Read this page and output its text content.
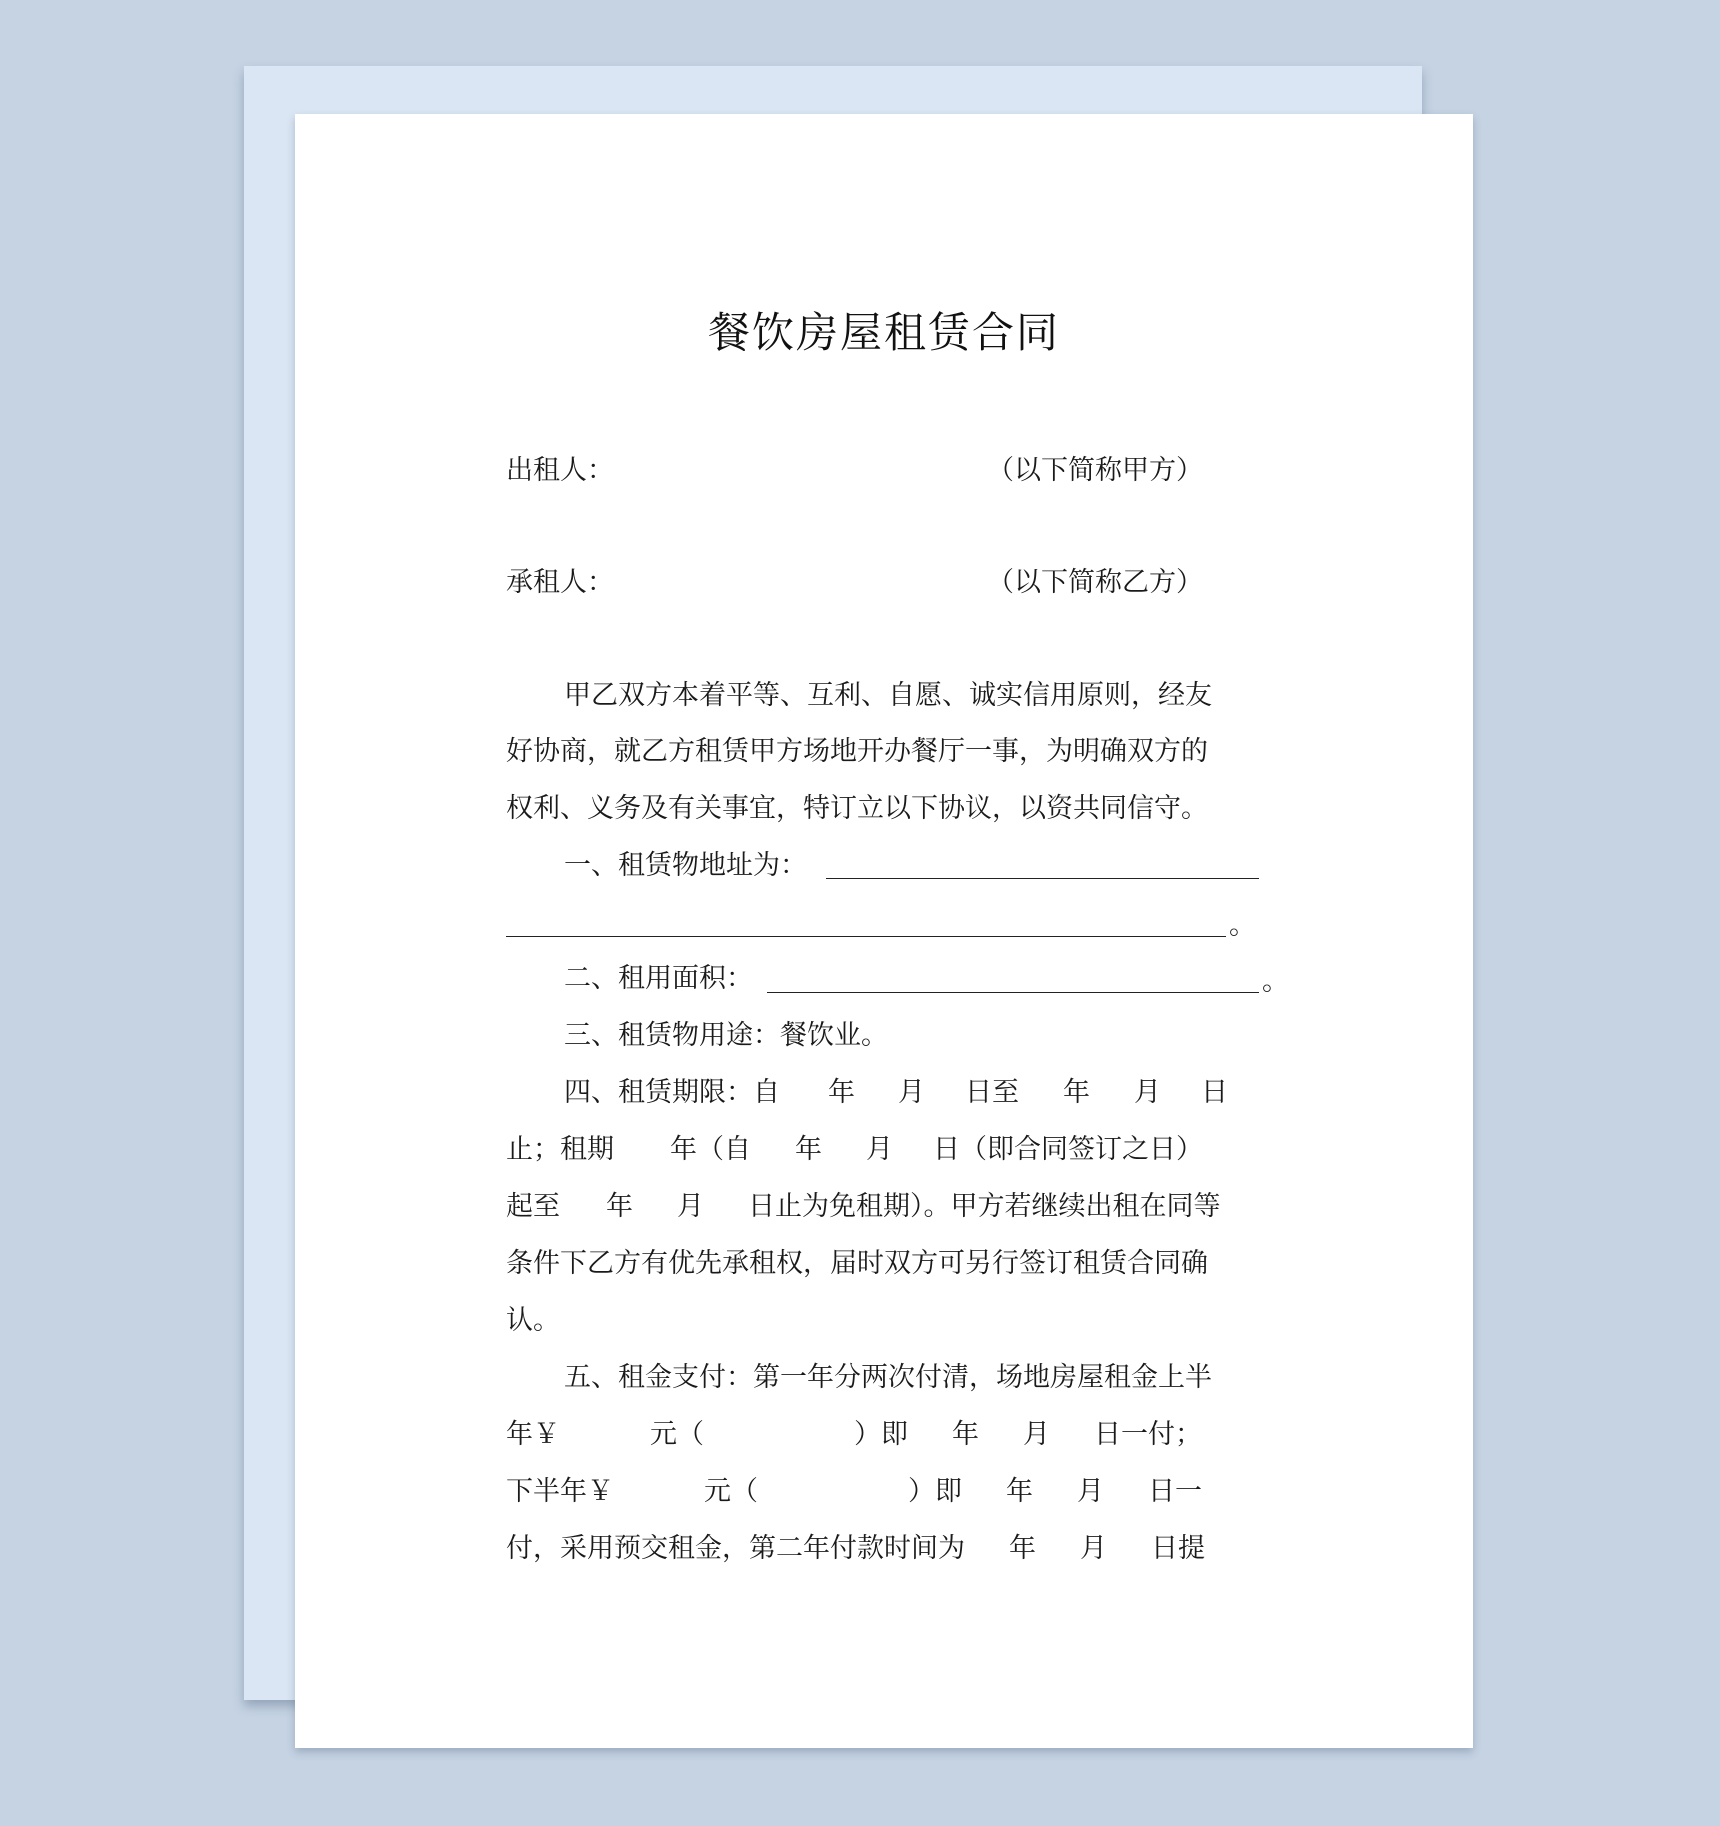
餐饮房屋租赁合同
出租人：	（以下简称甲方）
承租人：	（以下简称乙方）
甲乙双方本着平等、互利、自愿、诚实信用原则，经友
好协商，就乙方租赁甲方场地开办餐厅一事，为明确双方的
权利、义务及有关事宜，特订立以下协议，以资共同信守。
一、租赁物地址为：
。
二、租用面积：	。
三、租赁物用途：餐饮业。
四、租赁期限：自 年 月 日至 年 月 日
止；租期 年（自 年 月 日（即合同签订之日）
起至 年 月 日止为免租期）。甲方若继续出租在同等
条件下乙方有优先承租权，届时双方可另行签订租赁合同确
认。
五、租金支付：第一年分两次付清，场地房屋租金上半
年￥	元（	）即 年 月 日一付；
下半年￥	元（	）即 年 月 日一
付，采用预交租金，第二年付款时间为 年 月 日提
